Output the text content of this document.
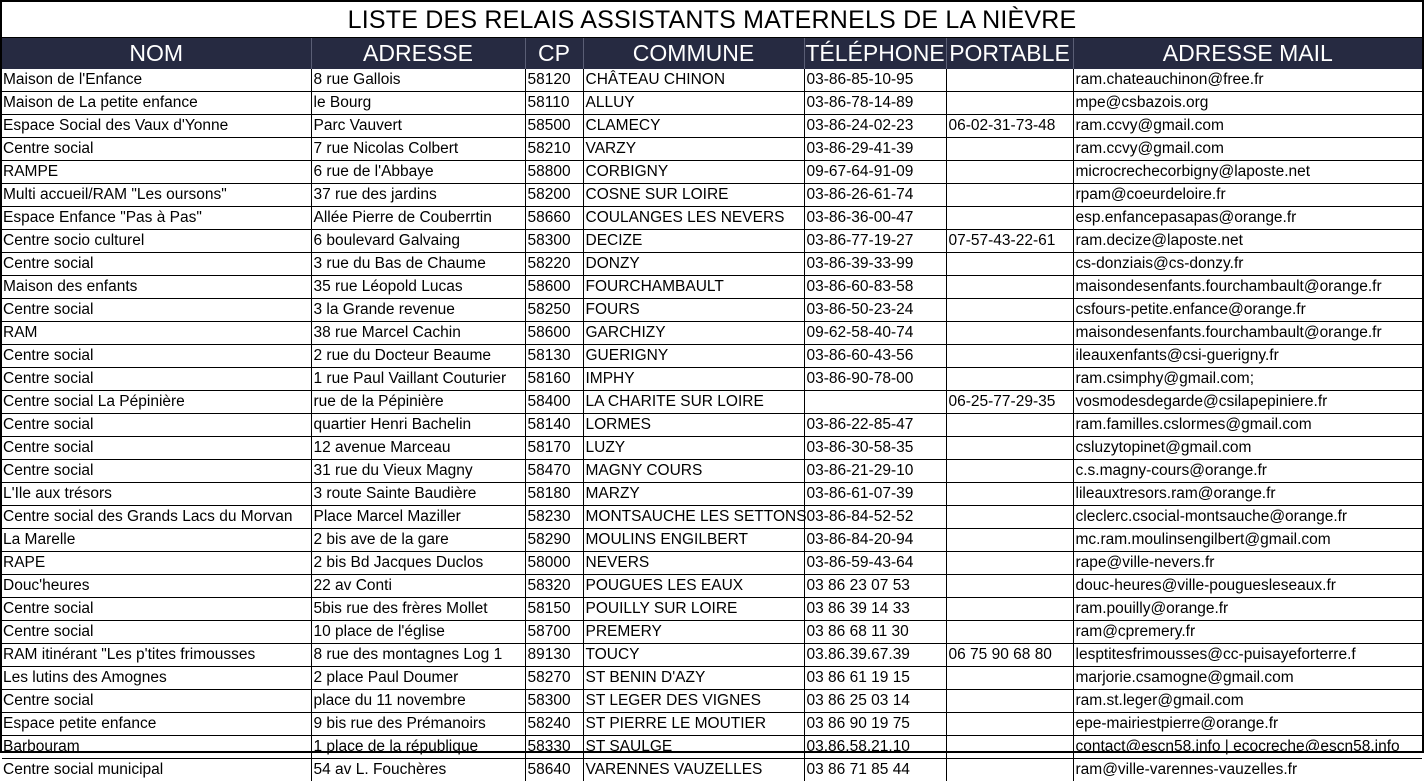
LISTE DES RELAIS ASSISTANTS MATERNELS DE LA NIÈVRE
NOM	ADRESSE	CP	COMMUNE	TÉLÉPHONE	PORTABLE	ADRESSE MAIL
Maison de l'Enfance	8 rue Gallois	58120	CHÂTEAU CHINON	03-86-85-10-95		ram.chateauchinon@free.fr
Maison de La petite enfance	le Bourg	58110	ALLUY	03-86-78-14-89		mpe@csbazois.org
Espace Social des Vaux d'Yonne	Parc Vauvert	58500	CLAMECY	03-86-24-02-23	06-02-31-73-48	ram.ccvy@gmail.com
Centre social	7 rue Nicolas Colbert	58210	VARZY	03-86-29-41-39		ram.ccvy@gmail.com
RAMPE	6 rue de l'Abbaye	58800	CORBIGNY	09-67-64-91-09		microcrechecorbigny@laposte.net
Multi accueil/RAM "Les oursons"	37 rue des jardins	58200	COSNE SUR LOIRE	03-86-26-61-74		rpam@coeurdeloire.fr
Espace Enfance "Pas à Pas"	Allée Pierre de Couberrtin	58660	COULANGES LES NEVERS	03-86-36-00-47		esp.enfancepasapas@orange.fr
Centre socio culturel	6 boulevard Galvaing	58300	DECIZE	03-86-77-19-27	07-57-43-22-61	ram.decize@laposte.net
Centre social	3 rue du Bas de Chaume	58220	DONZY	03-86-39-33-99		cs-donziais@cs-donzy.fr
Maison des enfants	35 rue Léopold Lucas	58600	FOURCHAMBAULT	03-86-60-83-58		maisondesenfants.fourchambault@orange.fr
Centre social	3 la Grande revenue	58250	FOURS	03-86-50-23-24		csfours-petite.enfance@orange.fr
RAM	38 rue Marcel Cachin	58600	GARCHIZY	09-62-58-40-74		maisondesenfants.fourchambault@orange.fr
Centre social	2 rue du Docteur Beaume	58130	GUERIGNY	03-86-60-43-56		ileauxenfants@csi-guerigny.fr
Centre social	1 rue Paul Vaillant Couturier	58160	IMPHY	03-86-90-78-00		ram.csimphy@gmail.com;
Centre social La Pépinière	rue de la Pépinière	58400	LA CHARITE SUR LOIRE		06-25-77-29-35	vosmodesdegarde@csilapepiniere.fr
Centre social	quartier Henri Bachelin	58140	LORMES	03-86-22-85-47		ram.familles.cslormes@gmail.com
Centre social	12 avenue Marceau	58170	LUZY	03-86-30-58-35		csluzytopinet@gmail.com
Centre social	31 rue du Vieux Magny	58470	MAGNY COURS	03-86-21-29-10		c.s.magny-cours@orange.fr
L'Ile aux trésors	3 route Sainte Baudière	58180	MARZY	03-86-61-07-39		lileauxtresors.ram@orange.fr
Centre social des Grands Lacs du Morvan	Place Marcel Maziller	58230	MONTSAUCHE LES SETTONS	03-86-84-52-52		cleclerc.csocial-montsauche@orange.fr
La Marelle	2 bis ave de la gare	58290	MOULINS ENGILBERT	03-86-84-20-94		mc.ram.moulinsengilbert@gmail.com
RAPE	2 bis Bd Jacques Duclos	58000	NEVERS	03-86-59-43-64		rape@ville-nevers.fr
Douc'heures	22 av Conti	58320	POUGUES LES EAUX	03 86 23 07 53		douc-heures@ville-pouguesleseaux.fr
Centre social	5bis rue des frères Mollet	58150	POUILLY SUR LOIRE	03 86 39 14 33		ram.pouilly@orange.fr
Centre social	10 place de l'église	58700	PREMERY	03 86 68 11 30		ram@cpremery.fr
RAM itinérant "Les p'tites frimousses	8 rue des montagnes Log 1	89130	TOUCY	03.86.39.67.39	06 75 90 68 80	lesptitesfrimousses@cc-puisayeforterre.f
Les lutins des Amognes	2 place Paul Doumer	58270	ST BENIN D'AZY	03 86 61 19 15		marjorie.csamogne@gmail.com
Centre social	place du 11 novembre	58300	ST LEGER DES VIGNES	03 86 25 03 14		ram.st.leger@gmail.com
Espace petite enfance	9 bis rue des Prémanoirs	58240	ST PIERRE LE MOUTIER	03 86 90 19 75		epe-mairiestpierre@orange.fr
Barbouram	1 place de la république	58330	ST SAULGE	03.86.58.21.10		contact@escn58.info | ecocreche@escn58.info
Centre social municipal	54 av L. Fouchères	58640	VARENNES VAUZELLES	03 86 71 85 44		ram@ville-varennes-vauzelles.fr
